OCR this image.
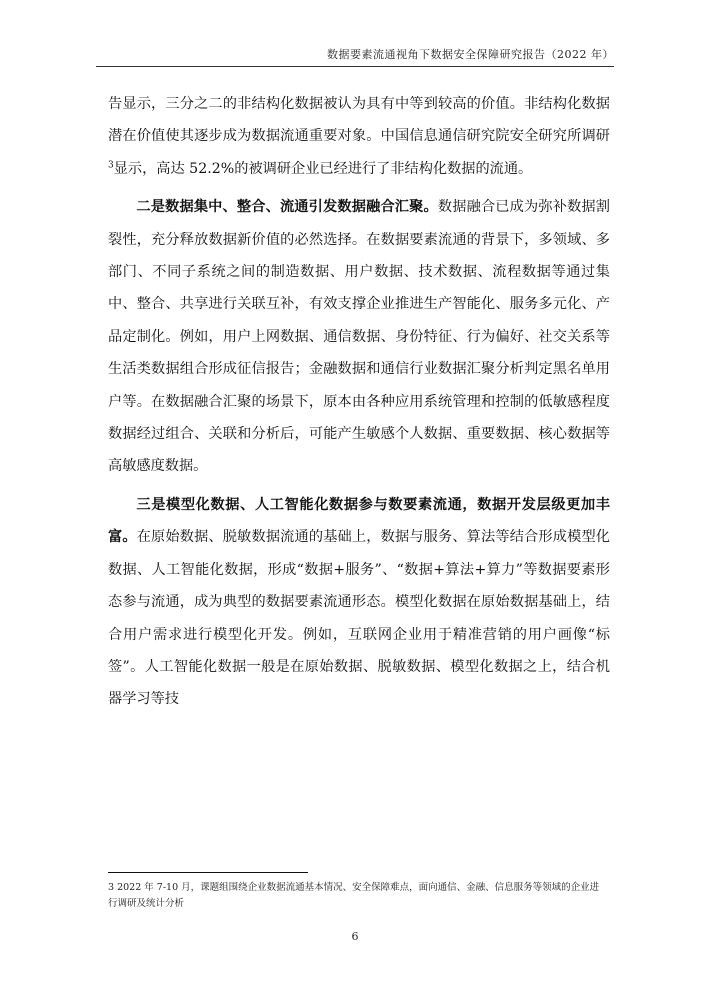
数据要素流通视角下数据安全保障研究报告（2022 年）

告显示，三分之二的非结构化数据被认为具有中等到较高的价值。非结构化数据潜在价值使其逐步成为数据流通重要对象。中国信息通信研究院安全研究所调研$^3$显示，高达 52.2%的被调研企业已经进行了非结构化数据的流通。

二是数据集中、整合、流通引发数据融合汇聚。数据融合已成为弥补数据割裂性，充分释放数据新价值的必然选择。在数据要素流通的背景下，多领域、多部门、不同子系统之间的制造数据、用户数据、技术数据、流程数据等通过集中、整合、共享进行关联互补，有效支撑企业推进生产智能化、服务多元化、产品定制化。例如，用户上网数据、通信数据、身份特征、行为偏好、社交关系等生活类数据组合形成征信报告；金融数据和通信行业数据汇聚分析判定黑名单用户等。在数据融合汇聚的场景下，原本由各种应用系统管理和控制的低敏感程度数据经过组合、关联和分析后，可能产生敏感个人数据、重要数据、核心数据等高敏感度数据。

三是模型化数据、人工智能化数据参与数要素流通，数据开发层级更加丰富。在原始数据、脱敏数据流通的基础上，数据与服务、算法等结合形成模型化数据、人工智能化数据，形成“数据+服务”、“数据+算法+算力”等数据要素形态参与流通，成为典型的数据要素流通形态。模型化数据在原始数据基础上，结合用户需求进行模型化开发。例如，互联网企业用于精准营销的用户画像“标签”。人工智能化数据一般是在原始数据、脱敏数据、模型化数据之上，结合机器学习等技

3 2022 年 7-10 月，课题组围绕企业数据流通基本情况、安全保障难点，面向通信、金融、信息服务等领域的企业进行调研及统计分析
6
